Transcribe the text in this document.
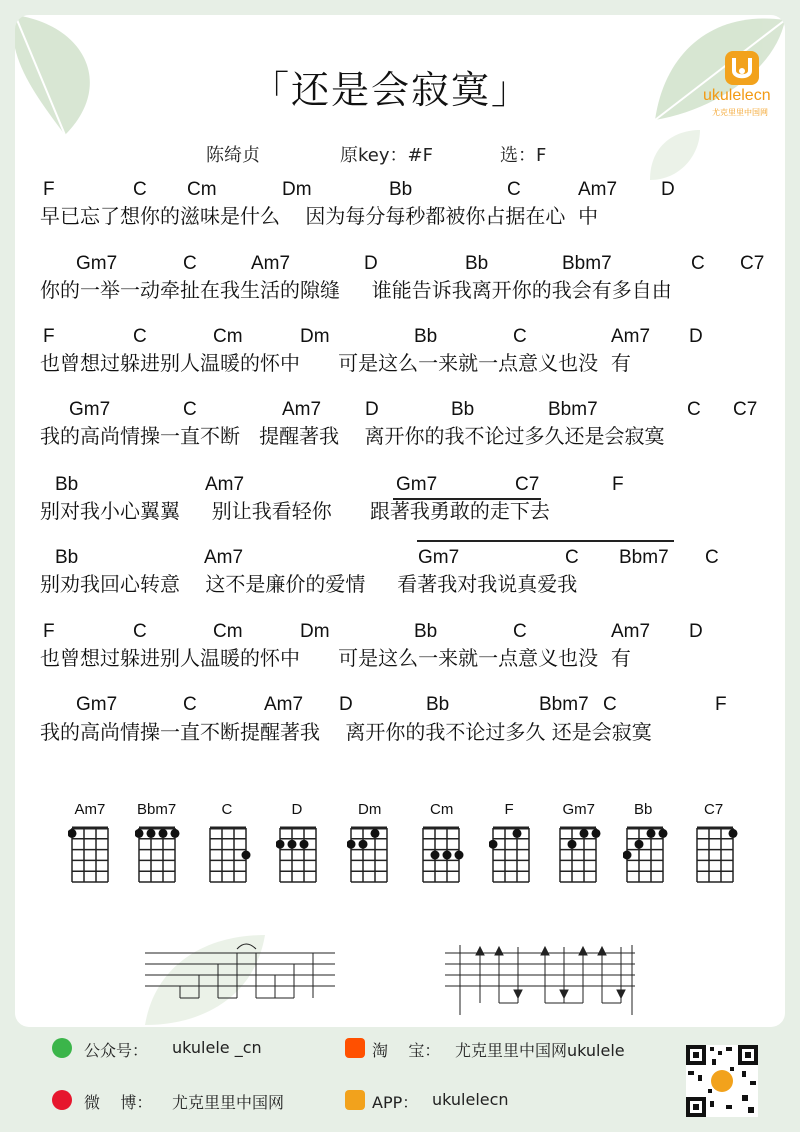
「还是会寂寞」	ukulelecn
尤克里里中国网
陈绮贞	原key：#F	选：F
F	C Cm	Dm	Bb	C	Am7 D
早已忘了想你的滋味是什么    因为每分每秒都被你占据在心  中
Gm7	C	Am7	D	Bb	Bbm7	C C7
你的一举一动牵扯在我生活的隙缝     谁能告诉我离开你的我会有多自由
F	C	Cm	Dm	Bb	C	Am7 D
也曾想过躲进别人温暖的怀中      可是这么一来就一点意义也没  有
Gm7	C	Am7 D	Bb	Bbm7	C C7
我的高尚情操一直不断   提醒著我    离开你的我不论过多久还是会寂寞
Bb	Am7	Gm7	C7	F
别对我小心翼翼     别让我看轻你      跟著我勇敢的走下去
Bb	Am7	Gm7	C Bbm7 C
别劝我回心转意    这不是廉价的爱情     看著我对我说真爱我
F	C	Cm	Dm	Bb	C	Am7 D
也曾想过躲进别人温暖的怀中      可是这么一来就一点意义也没  有
Gm7	C	Am7 D	Bb	Bbm7 C	F
我的高尚情操一直不断提醒著我    离开你的我不论过多久 还是会寂寞
Am7 Bbm7	C	D	Dm	Cm	F	Gm7	Bb	C7
公众号： ukulele _cn
微    博： 尤克里里中国网
淘    宝： 尤克里里中国网ukulele
APP： ukulelecn
